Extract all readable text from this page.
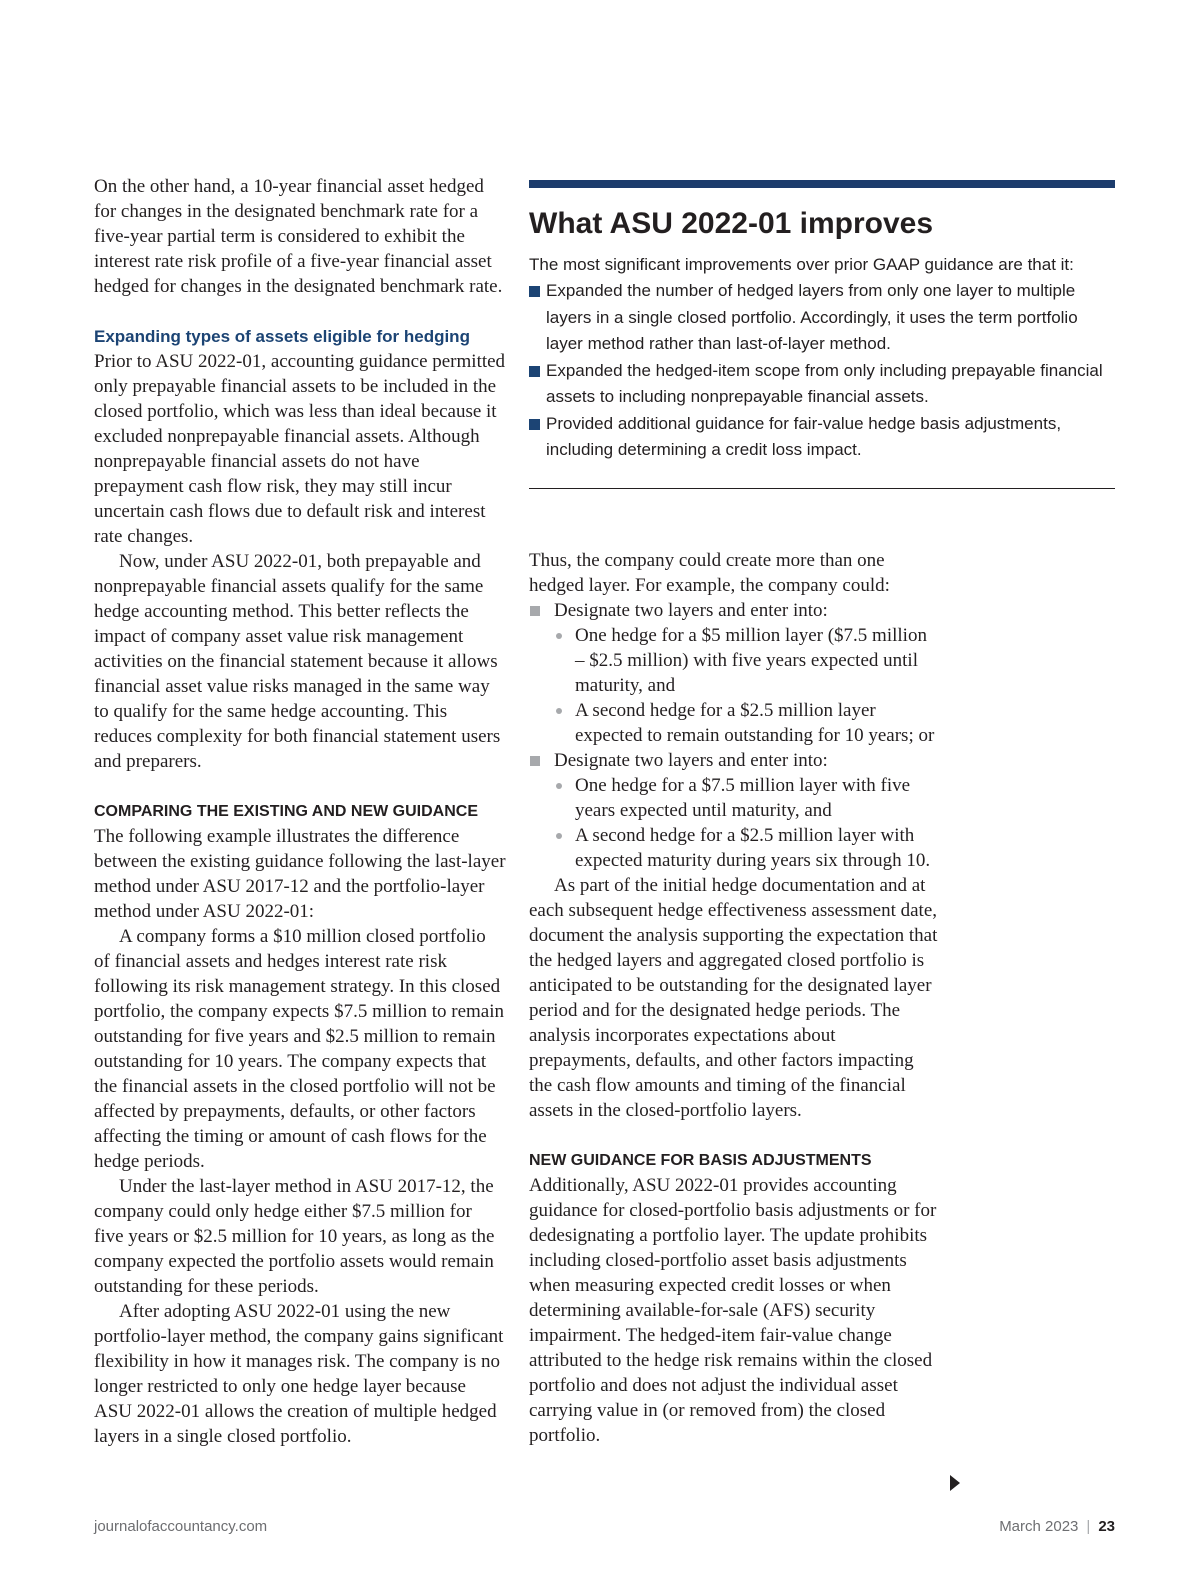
On the other hand, a 10-year financial asset hedged for changes in the designated benchmark rate for a five-year partial term is considered to exhibit the interest rate risk profile of a five-year financial asset hedged for changes in the designated benchmark rate.

Expanding types of assets eligible for hedging

Prior to ASU 2022-01, accounting guidance permitted only prepayable financial assets to be included in the closed portfolio, which was less than ideal because it excluded nonprepayable financial assets. Although nonprepayable financial assets do not have prepayment cash flow risk, they may still incur uncertain cash flows due to default risk and interest rate changes.

Now, under ASU 2022-01, both prepayable and nonprepayable financial assets qualify for the same hedge accounting method. This better reflects the impact of company asset value risk management activities on the financial statement because it allows financial asset value risks managed in the same way to qualify for the same hedge accounting. This reduces complexity for both financial statement users and preparers.

COMPARING THE EXISTING AND NEW GUIDANCE

The following example illustrates the difference between the existing guidance following the last-layer method under ASU 2017-12 and the portfolio-layer method under ASU 2022-01:

A company forms a $10 million closed portfolio of financial assets and hedges interest rate risk following its risk management strategy. In this closed portfolio, the company expects $7.5 million to remain outstanding for five years and $2.5 million to remain outstanding for 10 years. The company expects that the financial assets in the closed portfolio will not be affected by prepayments, defaults, or other factors affecting the timing or amount of cash flows for the hedge periods.

Under the last-layer method in ASU 2017-12, the company could only hedge either $7.5 million for five years or $2.5 million for 10 years, as long as the company expected the portfolio assets would remain outstanding for these periods.

After adopting ASU 2022-01 using the new portfolio-layer method, the company gains significant flexibility in how it manages risk. The company is no longer restricted to only one hedge layer because ASU 2022-01 allows the creation of multiple hedged layers in a single closed portfolio.

What ASU 2022-01 improves
The most significant improvements over prior GAAP guidance are that it:
Expanded the number of hedged layers from only one layer to multiple layers in a single closed portfolio. Accordingly, it uses the term portfolio layer method rather than last-of-layer method.
Expanded the hedged-item scope from only including prepayable financial assets to including nonprepayable financial assets.
Provided additional guidance for fair-value hedge basis adjustments, including determining a credit loss impact.

Thus, the company could create more than one hedged layer. For example, the company could:

Designate two layers and enter into:
One hedge for a $5 million layer ($7.5 million – $2.5 million) with five years expected until maturity, and
A second hedge for a $2.5 million layer expected to remain outstanding for 10 years; or
Designate two layers and enter into:
One hedge for a $7.5 million layer with five years expected until maturity, and
A second hedge for a $2.5 million layer with expected maturity during years six through 10.

As part of the initial hedge documentation and at each subsequent hedge effectiveness assessment date, document the analysis supporting the expectation that the hedged layers and aggregated closed portfolio is anticipated to be outstanding for the designated layer period and for the designated hedge periods. The analysis incorporates expectations about prepayments, defaults, and other factors impacting the cash flow amounts and timing of the financial assets in the closed-portfolio layers.

NEW GUIDANCE FOR BASIS ADJUSTMENTS

Additionally, ASU 2022-01 provides accounting guidance for closed-portfolio basis adjustments or for dedesignating a portfolio layer. The update prohibits including closed-portfolio asset basis adjustments when measuring expected credit losses or when determining available-for-sale (AFS) security impairment. The hedged-item fair-value change attributed to the hedge risk remains within the closed portfolio and does not adjust the individual asset carrying value in (or removed from) the closed portfolio.

journalofaccountancy.com	March 2023 | 23
